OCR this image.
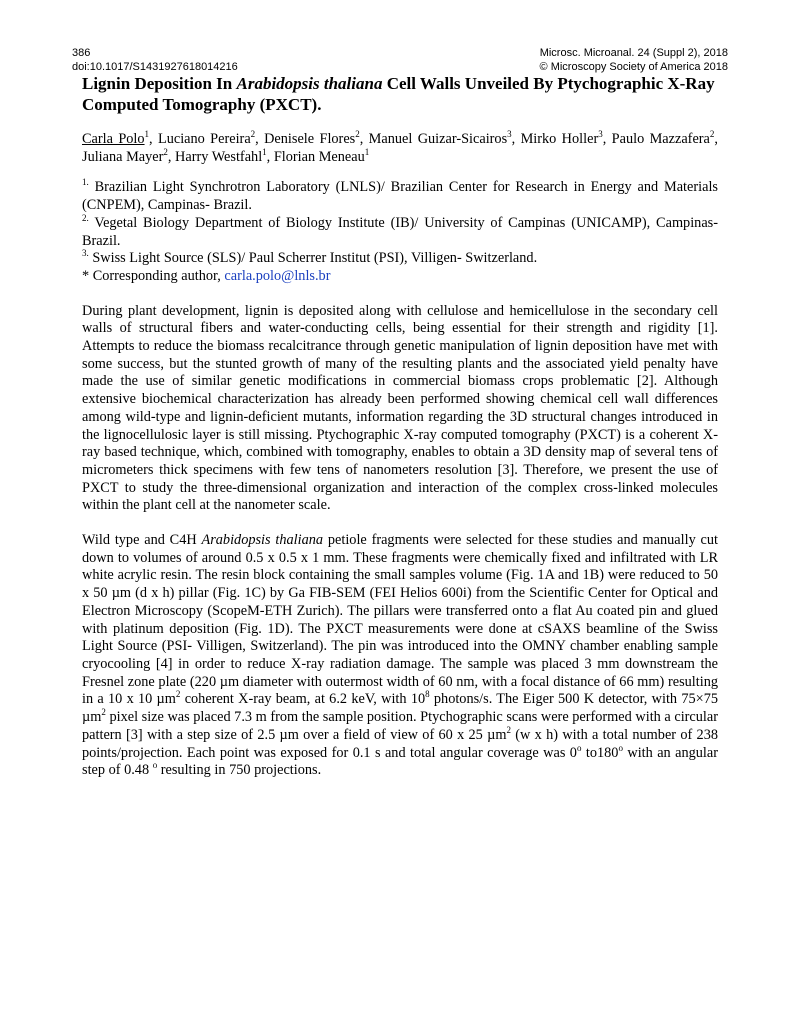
386
doi:10.1017/S1431927618014216
Microsc. Microanal. 24 (Suppl 2), 2018
© Microscopy Society of America 2018
Lignin Deposition In Arabidopsis thaliana Cell Walls Unveiled By Ptychographic X-Ray Computed Tomography (PXCT).
Carla Polo$^1$, Luciano Pereira$^2$, Denisele Flores$^2$, Manuel Guizar-Sicairos$^3$, Mirko Holler$^3$, Paulo Mazzafera$^2$, Juliana Mayer$^2$, Harry Westfahl$^1$, Florian Meneau$^1$
$^{1.}$ Brazilian Light Synchrotron Laboratory (LNLS)/ Brazilian Center for Research in Energy and Materials (CNPEM), Campinas- Brazil.
$^{2.}$ Vegetal Biology Department of Biology Institute (IB)/ University of Campinas (UNICAMP), Campinas- Brazil.
$^{3.}$ Swiss Light Source (SLS)/ Paul Scherrer Institut (PSI), Villigen- Switzerland.
* Corresponding author, carla.polo@lnls.br

During plant development, lignin is deposited along with cellulose and hemicellulose in the secondary cell walls of structural fibers and water-conducting cells, being essential for their strength and rigidity [1]. Attempts to reduce the biomass recalcitrance through genetic manipulation of lignin deposition have met with some success, but the stunted growth of many of the resulting plants and the associated yield penalty have made the use of similar genetic modifications in commercial biomass crops problematic [2]. Although extensive biochemical characterization has already been performed showing chemical cell wall differences among wild-type and lignin-deficient mutants, information regarding the 3D structural changes introduced in the lignocellulosic layer is still missing. Ptychographic X-ray computed tomography (PXCT) is a coherent X-ray based technique, which, combined with tomography, enables to obtain a 3D density map of several tens of micrometers thick specimens with few tens of nanometers resolution [3]. Therefore, we present the use of PXCT to study the three-dimensional organization and interaction of the complex cross-linked molecules within the plant cell at the nanometer scale.

Wild type and C4H Arabidopsis thaliana petiole fragments were selected for these studies and manually cut down to volumes of around 0.5 x 0.5 x 1 mm. These fragments were chemically fixed and infiltrated with LR white acrylic resin. The resin block containing the small samples volume (Fig. 1A and 1B) were reduced to 50 x 50 µm (d x h) pillar (Fig. 1C) by Ga FIB-SEM (FEI Helios 600i) from the Scientific Center for Optical and Electron Microscopy (ScopeM-ETH Zurich). The pillars were transferred onto a flat Au coated pin and glued with platinum deposition (Fig. 1D). The PXCT measurements were done at cSAXS beamline of the Swiss Light Source (PSI- Villigen, Switzerland). The pin was introduced into the OMNY chamber enabling sample cryocooling [4] in order to reduce X-ray radiation damage. The sample was placed 3 mm downstream the Fresnel zone plate (220 µm diameter with outermost width of 60 nm, with a focal distance of 66 mm) resulting in a 10 x 10 µm$^2$ coherent X-ray beam, at 6.2 keV, with $10^8$ photons/s. The Eiger 500 K detector, with 75×75 µm$^2$ pixel size was placed 7.3 m from the sample position. Ptychographic scans were performed with a circular pattern [3] with a step size of 2.5 µm over a field of view of 60 x 25 µm$^2$ (w x h) with a total number of 238 points/projection. Each point was exposed for 0.1 s and total angular coverage was 0$^o$ to180$^o$ with an angular step of 0.48 $^o$ resulting in 750 projections.
